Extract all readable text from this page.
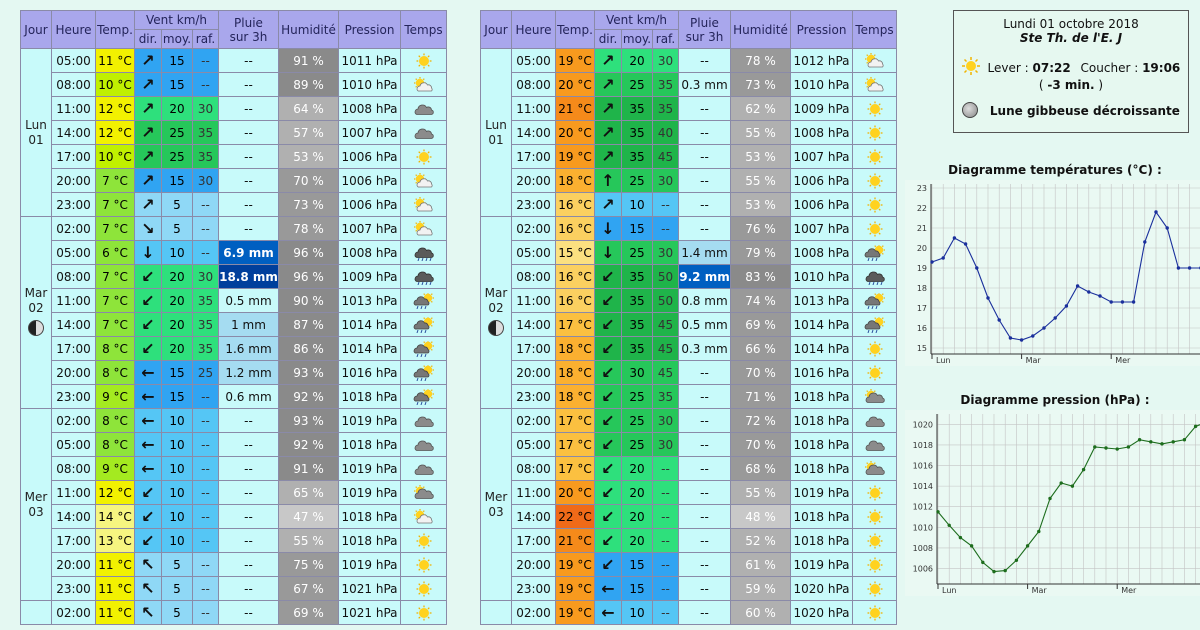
Jour	Heure	Temp.	Vent km/h			Pluie
sur 3h	Humidité	Pression	Temps
			dir.	moy.	raf.				
Lun
01	05:00	11 °C	↗	15	--	--	91 %	1011 hPa	

	08:00	10 °C	↗	15	--	--	89 %	1010 hPa	

	11:00	12 °C	↗	20	30	--	64 %	1008 hPa	

	14:00	12 °C	↗	25	35	--	57 %	1007 hPa	

	17:00	10 °C	↗	25	35	--	53 %	1006 hPa	

	20:00	7 °C	↗	15	30	--	70 %	1006 hPa	

	23:00	7 °C	↗	5	--	--	73 %	1006 hPa	

Mar
02	02:00	7 °C	↘	5	--	--	78 %	1007 hPa	

	05:00	6 °C	↓	10	--	6.9 mm	96 %	1008 hPa	

	08:00	7 °C	↙	20	30	18.8 mm	96 %	1009 hPa	

	11:00	7 °C	↙	20	35	0.5 mm	90 %	1013 hPa	

	14:00	7 °C	↙	20	35	1 mm	87 %	1014 hPa	

	17:00	8 °C	↙	20	35	1.6 mm	86 %	1014 hPa	

	20:00	8 °C	←	15	25	1.2 mm	93 %	1016 hPa	

	23:00	9 °C	←	15	--	0.6 mm	92 %	1018 hPa	

Mer
03	02:00	8 °C	←	10	--	--	93 %	1019 hPa	

	05:00	8 °C	←	10	--	--	92 %	1018 hPa	

	08:00	9 °C	←	10	--	--	91 %	1019 hPa	

	11:00	12 °C	↙	10	--	--	65 %	1019 hPa	

	14:00	14 °C	↙	10	--	--	47 %	1018 hPa	

	17:00	13 °C	↙	10	--	--	55 %	1018 hPa	

	20:00	11 °C	↖	5	--	--	75 %	1019 hPa	

	23:00	11 °C	↖	5	--	--	67 %	1021 hPa	

	02:00	11 °C	↖	5	--	--	69 %	1021 hPa	
Jour	Heure	Temp.	Vent km/h			Pluie
sur 3h	Humidité	Pression	Temps
			dir.	moy.	raf.				
Lun
01	05:00	19 °C	↗	20	30	--	78 %	1012 hPa	

	08:00	20 °C	↗	25	35	0.3 mm	73 %	1010 hPa	

	11:00	21 °C	↗	35	35	--	62 %	1009 hPa	

	14:00	20 °C	↗	35	40	--	55 %	1008 hPa	

	17:00	19 °C	↗	35	45	--	53 %	1007 hPa	

	20:00	18 °C	↑	25	30	--	55 %	1006 hPa	

	23:00	16 °C	↗	10	--	--	53 %	1006 hPa	

Mar
02	02:00	16 °C	↓	15	--	--	76 %	1007 hPa	

	05:00	15 °C	↓	25	30	1.4 mm	79 %	1008 hPa	

	08:00	16 °C	↙	35	50	9.2 mm	83 %	1010 hPa	

	11:00	16 °C	↙	35	50	0.8 mm	74 %	1013 hPa	

	14:00	17 °C	↙	35	45	0.5 mm	69 %	1014 hPa	

	17:00	18 °C	↙	35	45	0.3 mm	66 %	1014 hPa	

	20:00	18 °C	↙	30	45	--	70 %	1016 hPa	

	23:00	18 °C	↙	25	35	--	71 %	1018 hPa	

Mer
03	02:00	17 °C	↙	25	30	--	72 %	1018 hPa	

	05:00	17 °C	↙	25	30	--	70 %	1018 hPa	

	08:00	17 °C	↙	20	--	--	68 %	1018 hPa	

	11:00	20 °C	↙	20	--	--	55 %	1019 hPa	

	14:00	22 °C	↙	20	--	--	48 %	1018 hPa	

	17:00	21 °C	↙	20	--	--	52 %	1018 hPa	

	20:00	19 °C	↙	15	--	--	61 %	1019 hPa	

	23:00	19 °C	←	15	--	--	59 %	1020 hPa	

	02:00	19 °C	←	10	--	--	60 %	1020 hPa	
Lundi 01 octobre 2018
Ste Th. de l'E. J
Lever : 07:22 Coucher : 19:06
( -3 min. )
Lune gibbeuse décroissante
Diagramme températures (°C) :
Diagramme pression (hPa) :
15
16
17
18
19
20
21
22
23
Lun	Mar	Mer
1006
1008
1010
1012
1014
1016
1018
1020
Lun	Mar	Mer
